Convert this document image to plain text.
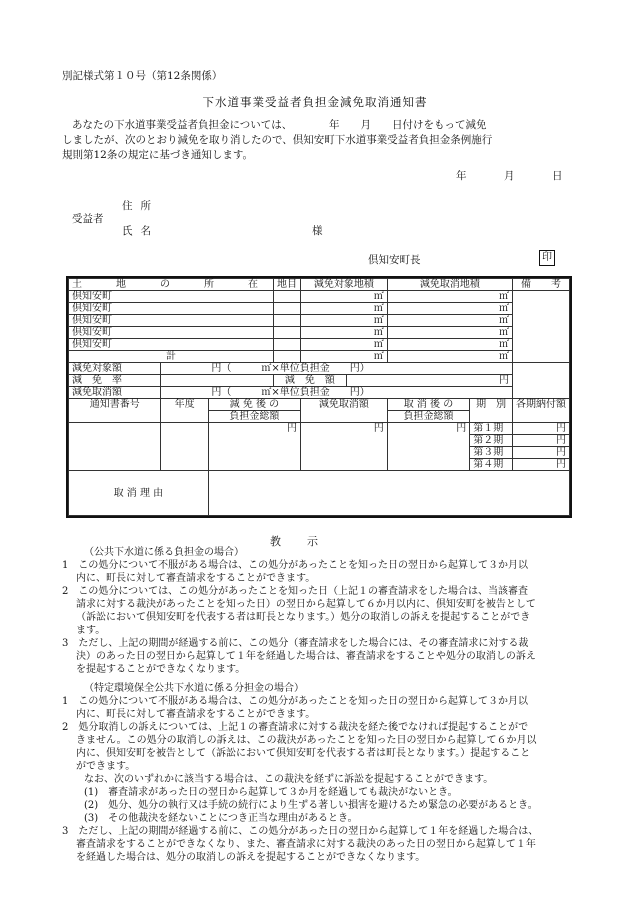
別記様式第１０号（第12条関係）
下水道事業受益者負担金減免取消通知書
あなたの下水道事業受益者負担金については、　　　　年　　月　　日付けをもって減免
しましたが、次のとおり減免を取り消したので、倶知安町下水道事業受益者負担金条例施行
規則第12条の規定に基づき通知します。
年	月	日
住所
受益者
氏名	様
倶知安町長	印
土　地　の　所　在			地目	減免対象地積		減免取消地積		備　　考
倶知安町				㎡		㎡		
倶知安町				㎡		㎡		
倶知安町				㎡		㎡		
倶知安町				㎡		㎡		
倶知安町				㎡		㎡		
計				㎡		㎡		
減免対象額	円（　　　㎡×単位負担金　　円）							
減　免　率			減　免　額		円			
減免取消額	円（　　　㎡×単位負担金　　円）							
通知書番号	年度	減 免 後 の		減免取消額		取 消 後 の	期　別	各期納付額
		負担金総額				負担金総額		
		円		円		円	第１期	円
							第２期	円
							第３期	円
							第４期	円
取 消 理 由								
教示
（公共下水道に係る負担金の場合）
1　この処分について不服がある場合は、この処分があったことを知った日の翌日から起算して３か月以
内に、町長に対して審査請求をすることができます。
2　この処分については、この処分があったことを知った日（上記１の審査請求をした場合は、当該審査
請求に対する裁決があったことを知った日）の翌日から起算して６か月以内に、倶知安町を被告として
（訴訟において倶知安町を代表する者は町長となります。）処分の取消しの訴えを提起することができ
ます。
3　ただし、上記の期間が経過する前に、この処分（審査請求をした場合には、その審査請求に対する裁
決）のあった日の翌日から起算して１年を経過した場合は、審査請求をすることや処分の取消しの訴え
を提起することができなくなります。
（特定環境保全公共下水道に係る分担金の場合）
1　この処分について不服がある場合は、この処分があったことを知った日の翌日から起算して３か月以
内に、町長に対して審査請求をすることができます。
2　処分取消しの訴えについては、上記１の審査請求に対する裁決を経た後でなければ提起することがで
きません。この処分の取消しの訴えは、この裁決があったことを知った日の翌日から起算して６か月以
内に、倶知安町を被告として（訴訟において倶知安町を代表する者は町長となります。）提起すること
ができます。
なお、次のいずれかに該当する場合は、この裁決を経ずに訴訟を提起することができます。
(1)　審査請求があった日の翌日から起算して３か月を経過しても裁決がないとき。
(2)　処分、処分の執行又は手続の続行により生ずる著しい損害を避けるため緊急の必要があるとき。
(3)　その他裁決を経ないことにつき正当な理由があるとき。
3　ただし、上記の期間が経過する前に、この処分があった日の翌日から起算して１年を経過した場合は、
審査請求をすることができなくなり、また、審査請求に対する裁決のあった日の翌日から起算して１年
を経過した場合は、処分の取消しの訴えを提起することができなくなります。
